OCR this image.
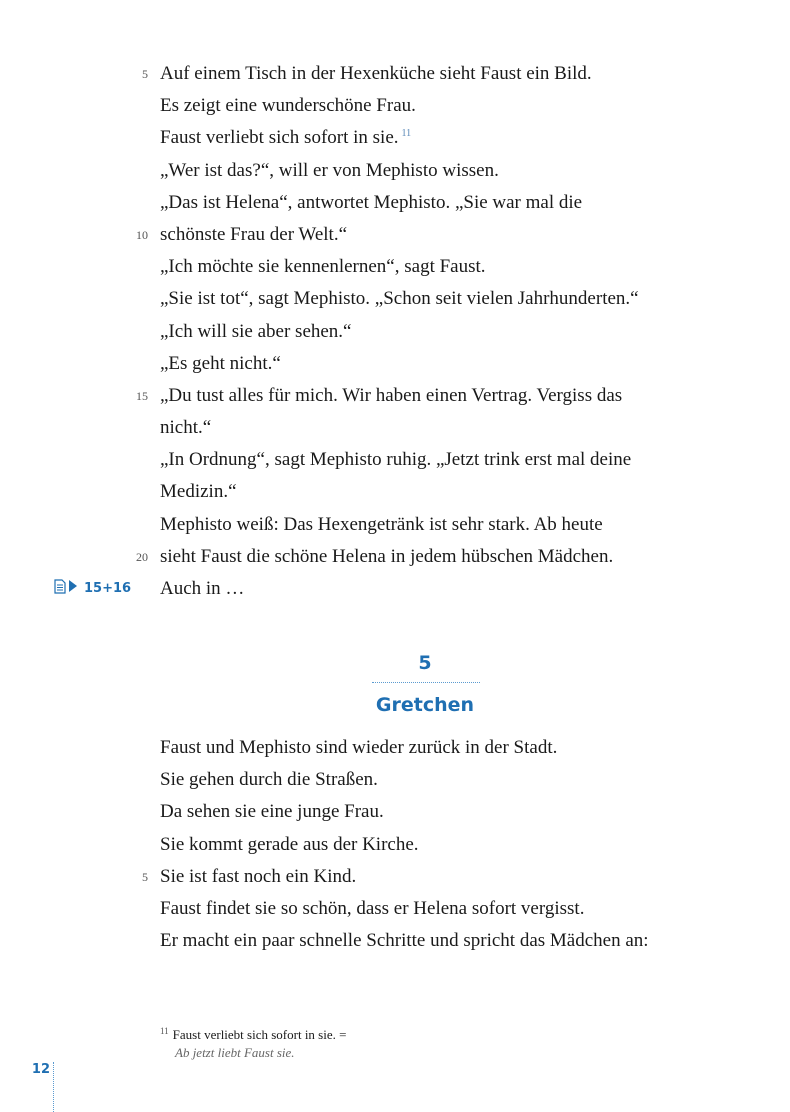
5 Auf einem Tisch in der Hexenküche sieht Faust ein Bild.
Es zeigt eine wunderschöne Frau.
Faust verliebt sich sofort in sie. $^{11}$
„Wer ist das?“, will er von Mephisto wissen.
„Das ist Helena“, antwortet Mephisto. „Sie war mal die
10 schönste Frau der Welt.“
„Ich möchte sie kennenlernen“, sagt Faust.
„Sie ist tot“, sagt Mephisto. „Schon seit vielen Jahrhunderten.“
„Ich will sie aber sehen.“
„Es geht nicht.“
15 „Du tust alles für mich. Wir haben einen Vertrag. Vergiss das
nicht.“
„In Ordnung“, sagt Mephisto ruhig. „Jetzt trink erst mal deine
Medizin.“
Mephisto weiß: Das Hexengetränk ist sehr stark. Ab heute
20 sieht Faust die schöne Helena in jedem hübschen Mädchen.
Auch in …
15+16
5
Gretchen
Faust und Mephisto sind wieder zurück in der Stadt.
Sie gehen durch die Straßen.
Da sehen sie eine junge Frau.
Sie kommt gerade aus der Kirche.
5 Sie ist fast noch ein Kind.
Faust findet sie so schön, dass er Helena sofort vergisst.
Er macht ein paar schnelle Schritte und spricht das Mädchen an:
$^{11}$ Faust verliebt sich sofort in sie. =
Ab jetzt liebt Faust sie.
12
